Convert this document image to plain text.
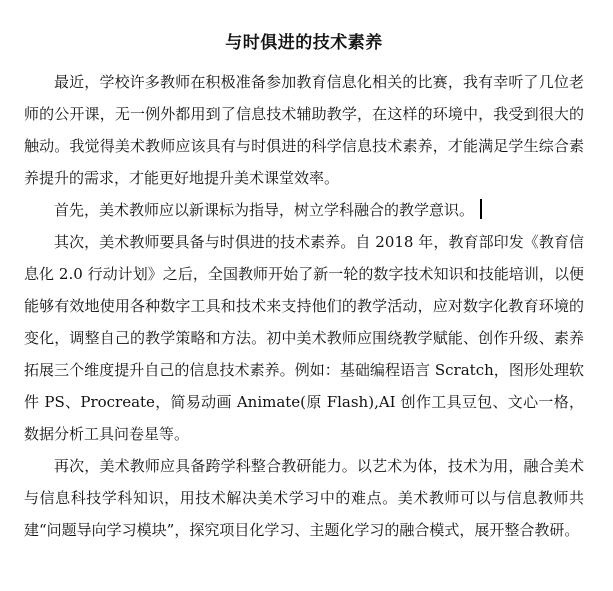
与时俱进的技术素养

最近，学校许多教师在积极准备参加教育信息化相关的比赛，我有幸听了几位老师的公开课，无一例外都用到了信息技术辅助教学，在这样的环境中，我受到很大的触动。我觉得美术教师应该具有与时俱进的科学信息技术素养，才能满足学生综合素养提升的需求，才能更好地提升美术课堂效率。

首先，美术教师应以新课标为指导，树立学科融合的教学意识。

其次，美术教师要具备与时俱进的技术素养。自 2018 年，教育部印发《教育信息化 2.0 行动计划》之后，全国教师开始了新一轮的数字技术知识和技能培训，以便能够有效地使用各种数字工具和技术来支持他们的教学活动，应对数字化教育环境的变化，调整自己的教学策略和方法。初中美术教师应围绕教学赋能、创作升级、素养拓展三个维度提升自己的信息技术素养。例如：基础编程语言 Scratch，图形处理软件 PS、Procreate，简易动画 Animate(原 Flash),AI 创作工具豆包、文心一格，数据分析工具问卷星等。

再次，美术教师应具备跨学科整合教研能力。以艺术为体，技术为用，融合美术与信息科技学科知识，用技术解决美术学习中的难点。美术教师可以与信息教师共建“问题导向学习模块”，探究项目化学习、主题化学习的融合模式，展开整合教研。
